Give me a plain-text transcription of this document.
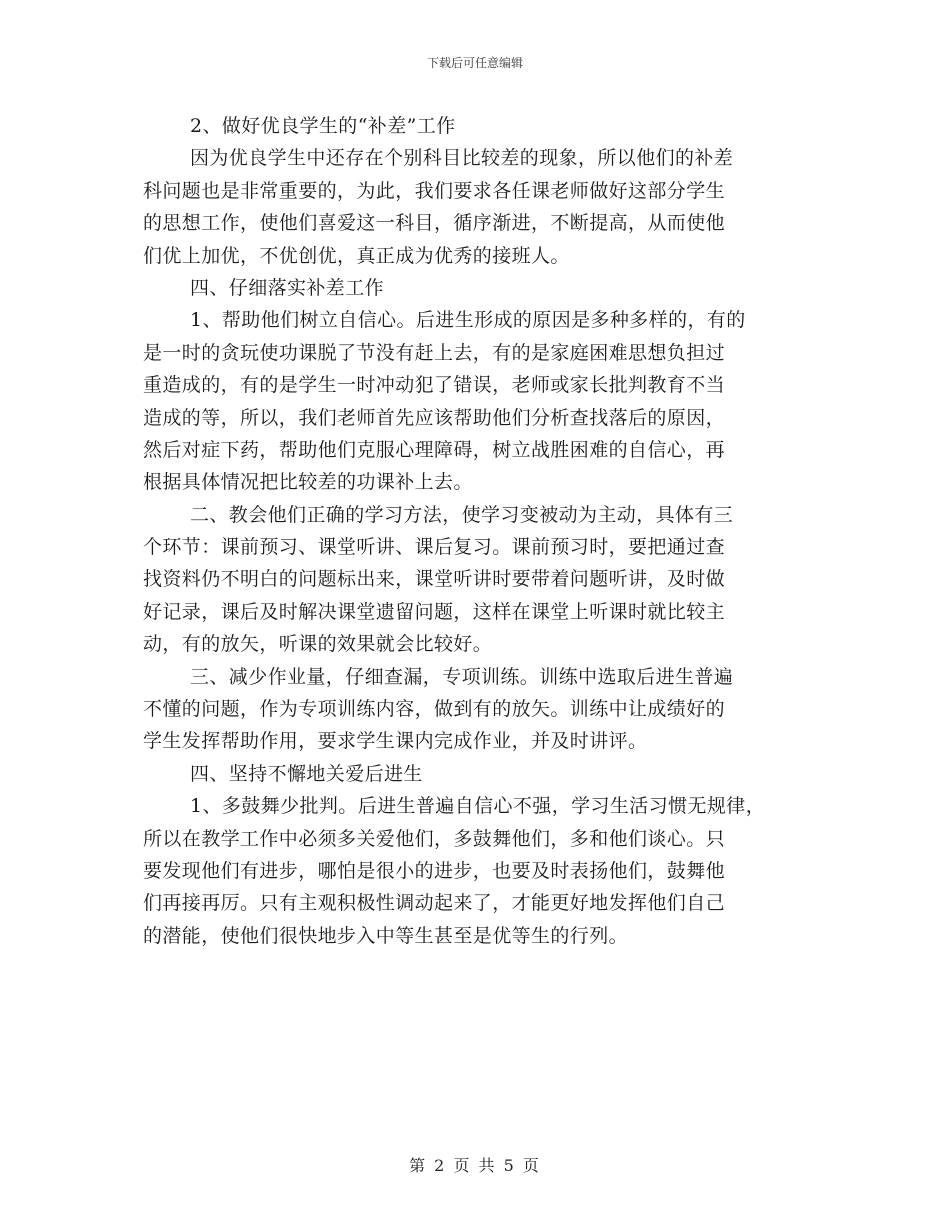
下载后可任意编辑
2、做好优良学生的“补差”工作
因为优良学生中还存在个别科目比较差的现象，所以他们的补差
科问题也是非常重要的，为此，我们要求各任课老师做好这部分学生
的思想工作，使他们喜爱这一科目，循序渐进，不断提高，从而使他
们优上加优，不优创优，真正成为优秀的接班人。
四、仔细落实补差工作
1、帮助他们树立自信心。后进生形成的原因是多种多样的，有的
是一时的贪玩使功课脱了节没有赶上去，有的是家庭困难思想负担过
重造成的，有的是学生一时冲动犯了错误，老师或家长批判教育不当
造成的等，所以，我们老师首先应该帮助他们分析查找落后的原因，
然后对症下药，帮助他们克服心理障碍，树立战胜困难的自信心，再
根据具体情况把比较差的功课补上去。
二、教会他们正确的学习方法，使学习变被动为主动，具体有三
个环节：课前预习、课堂听讲、课后复习。课前预习时，要把通过查
找资料仍不明白的问题标出来，课堂听讲时要带着问题听讲，及时做
好记录，课后及时解决课堂遗留问题，这样在课堂上听课时就比较主
动，有的放矢，听课的效果就会比较好。
三、减少作业量，仔细查漏，专项训练。训练中选取后进生普遍
不懂的问题，作为专项训练内容，做到有的放矢。训练中让成绩好的
学生发挥帮助作用，要求学生课内完成作业，并及时讲评。
四、坚持不懈地关爱后进生
1、多鼓舞少批判。后进生普遍自信心不强，学习生活习惯无规律，
所以在教学工作中必须多关爱他们，多鼓舞他们，多和他们谈心。只
要发现他们有进步，哪怕是很小的进步，也要及时表扬他们，鼓舞他
们再接再厉。只有主观积极性调动起来了，才能更好地发挥他们自己
的潜能，使他们很快地步入中等生甚至是优等生的行列。
第 2 页 共 5 页
